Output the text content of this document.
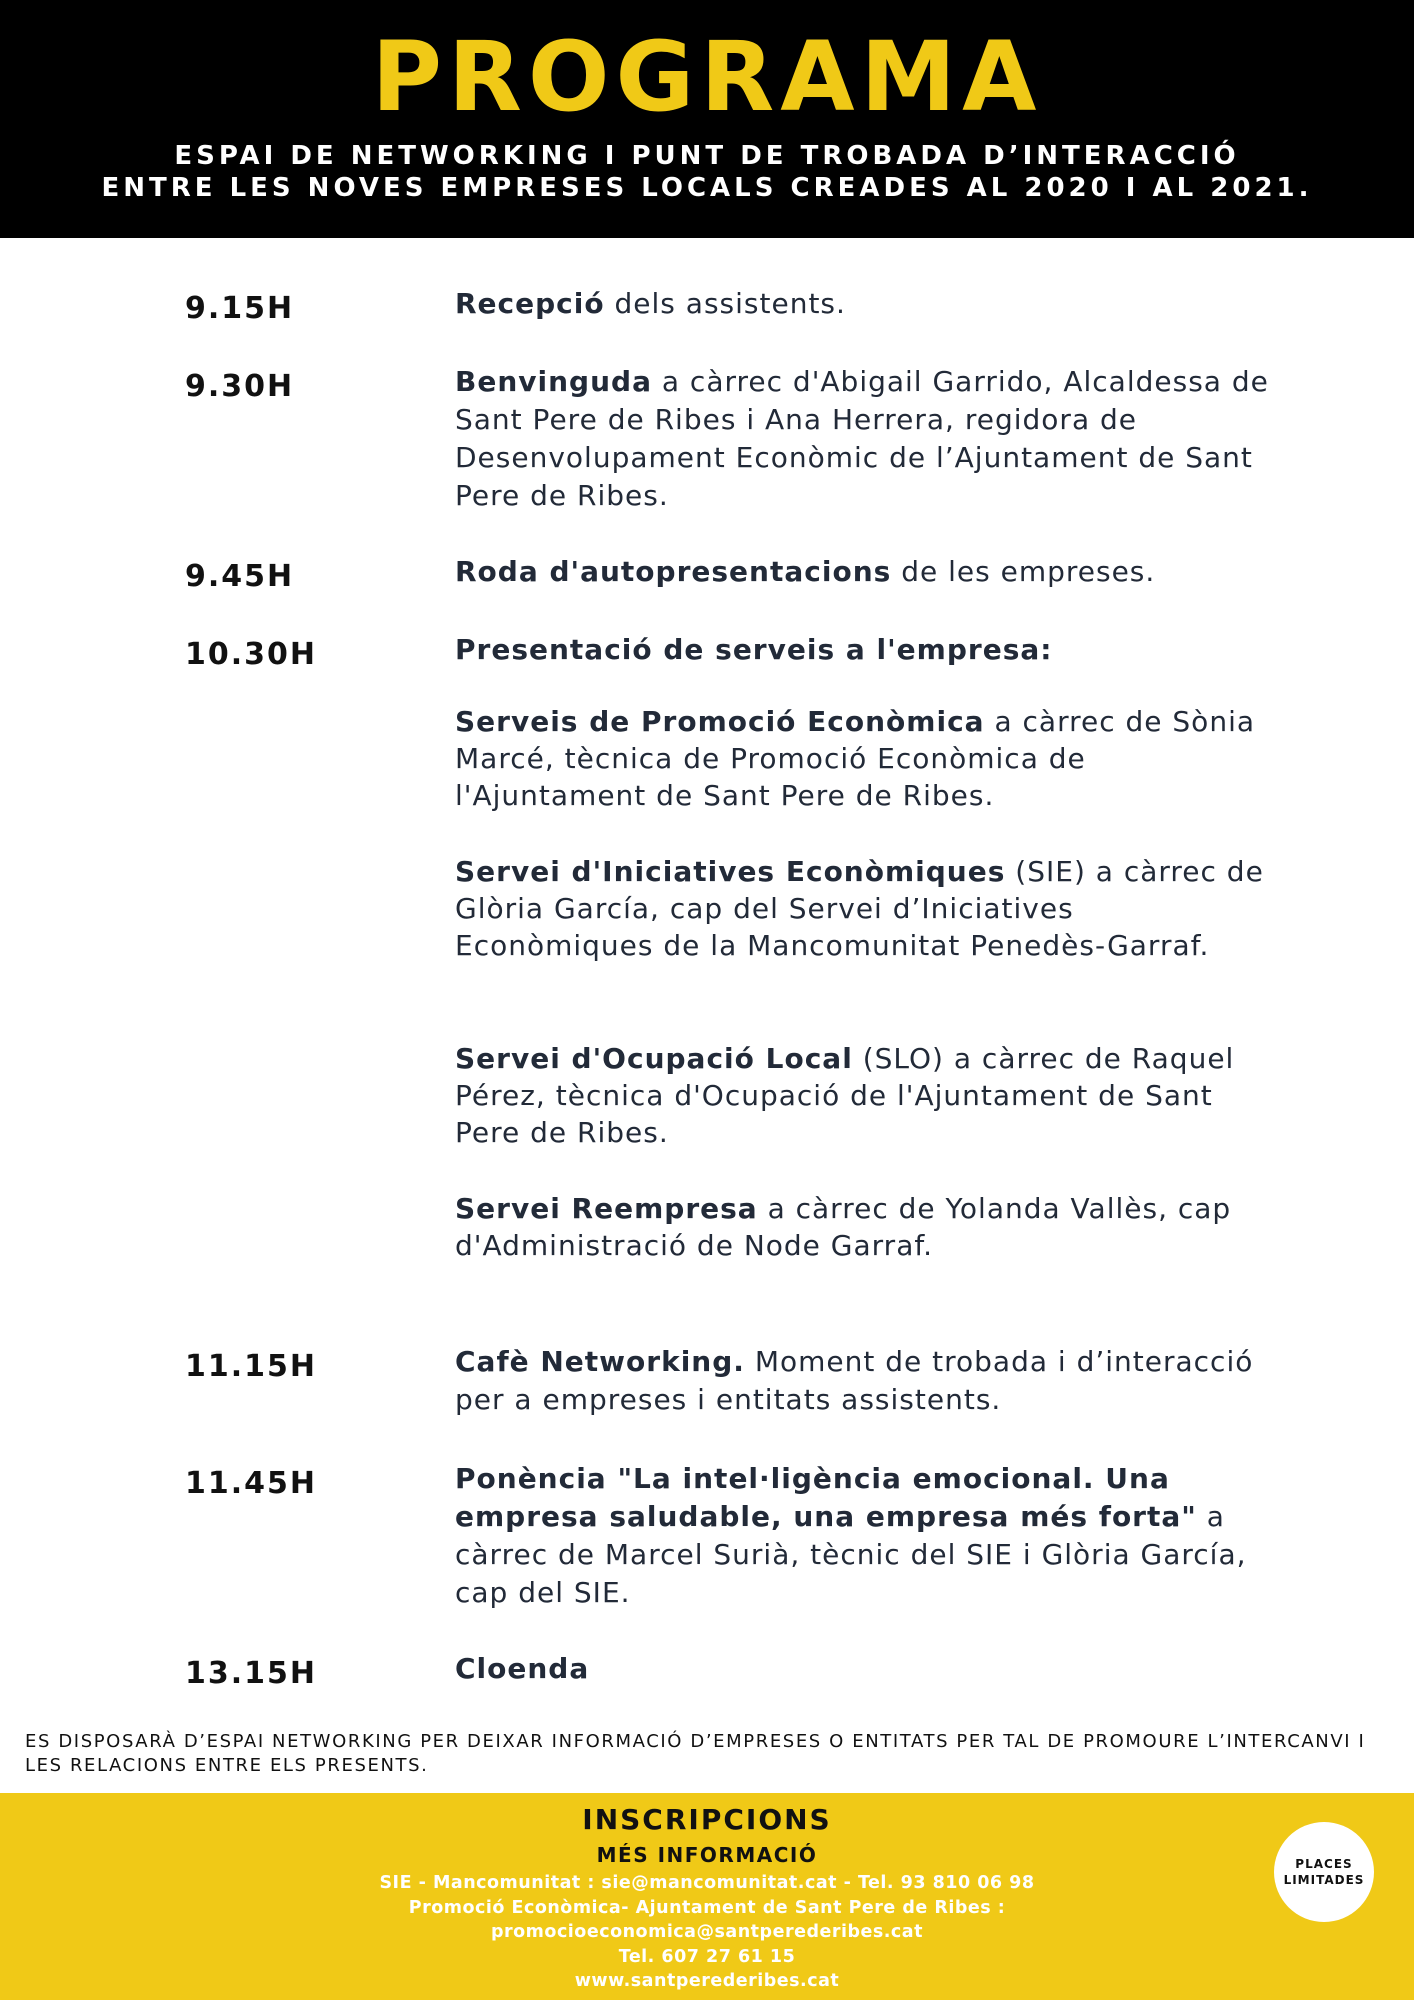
PROGRAMA
ESPAI DE NETWORKING I PUNT DE TROBADA D’INTERACCIÓ
ENTRE LES NOVES EMPRESES LOCALS CREADES AL 2020 I AL 2021.
9.15H	Recepció dels assistents.
9.30H	Benvinguda a càrrec d'Abigail Garrido, Alcaldessa de Sant Pere de Ribes i Ana Herrera, regidora de Desenvolupament Econòmic de l’Ajuntament de Sant Pere de Ribes.
9.45H	Roda d'autopresentacions de les empreses.
10.30H	Presentació de serveis a l'empresa:
Serveis de Promoció Econòmica a càrrec de Sònia Marcé, tècnica de Promoció Econòmica de l'Ajuntament de Sant Pere de Ribes.
Servei d'Iniciatives Econòmiques (SIE) a càrrec de Glòria García, cap del Servei d’Iniciatives Econòmiques de la Mancomunitat Penedès-Garraf.
Servei d'Ocupació Local (SLO) a càrrec de Raquel Pérez, tècnica d'Ocupació de l'Ajuntament de Sant Pere de Ribes.
Servei Reempresa a càrrec de Yolanda Vallès, cap d'Administració de Node Garraf.
11.15H	Cafè Networking. Moment de trobada i d’interacció per a empreses i entitats assistents.
11.45H	Ponència "La intel·ligència emocional. Una empresa saludable, una empresa més forta" a càrrec de Marcel Surià, tècnic del SIE i Glòria García, cap del SIE.
13.15H	Cloenda
ES DISPOSARÀ D’ESPAI NETWORKING PER DEIXAR INFORMACIÓ D’EMPRESES O ENTITATS PER TAL DE PROMOURE L’INTERCANVI I LES RELACIONS ENTRE ELS PRESENTS.
INSCRIPCIONS
MÉS INFORMACIÓ
SIE - Mancomunitat : sie@mancomunitat.cat - Tel. 93 810 06 98
Promoció Econòmica- Ajuntament de Sant Pere de Ribes :
promocioeconomica@santperederibes.cat
Tel. 607 27 61 15
www.santperederibes.cat
PLACES
LIMITADES
